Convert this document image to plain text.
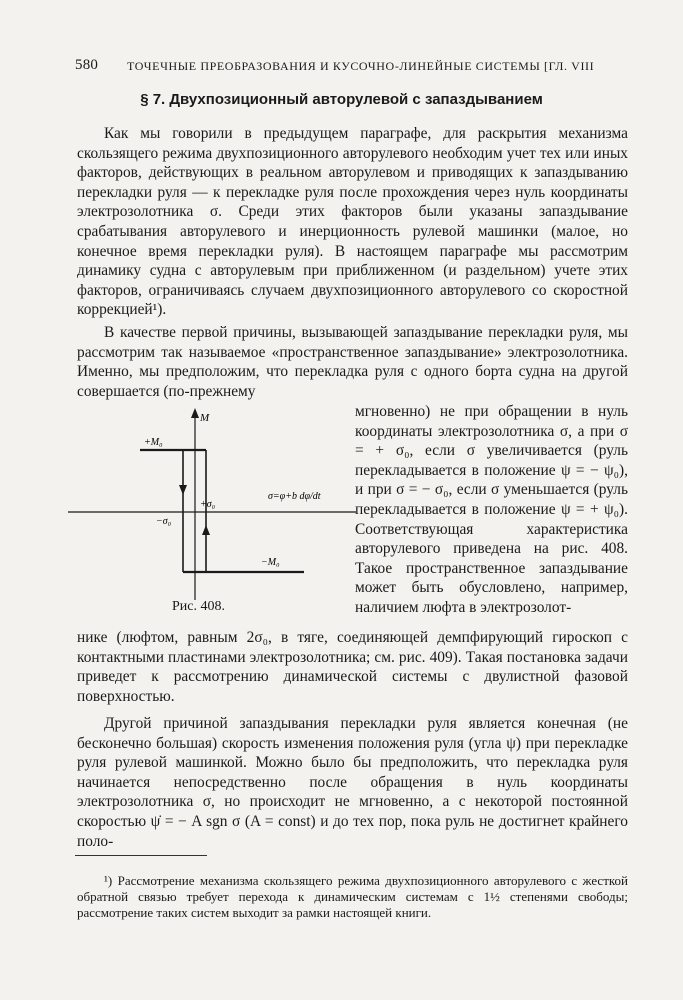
580 ТОЧЕЧНЫЕ ПРЕОБРАЗОВАНИЯ И КУСОЧНО-ЛИНЕЙНЫЕ СИСТЕМЫ [ГЛ. VIII
§ 7. Двухпозиционный авторулевой с запаздыванием
Как мы говорили в предыдущем параграфе, для раскрытия механизма скользящего режима двухпозиционного авторулевого необходим учет тех или иных факторов, действующих в реальном авторулевом и приводящих к запаздыванию перекладки руля — к перекладке руля после прохождения через нуль координаты электрозолотника σ. Среди этих факторов были указаны запаздывание срабатывания авторулевого и инерционность рулевой машинки (малое, но конечное время перекладки руля). В настоящем параграфе мы рассмотрим динамику судна с авторулевым при приближенном (и раздельном) учете этих факторов, ограничиваясь случаем двухпозиционного авторулевого со скоростной коррекцией¹).
В качестве первой причины, вызывающей запаздывание перекладки руля, мы рассмотрим так называемое «пространственное запаздывание» электрозолотника. Именно, мы предположим, что перекладка руля с одного борта судна на другой совершается (по-прежнему
мгновенно) не при обращении в нуль координаты электрозолотника σ, а при σ = + σ₀, если σ увеличивается (руль перекладывается в положение ψ = − ψ₀), и при σ = − σ₀, если σ уменьшается (руль перекладывается в положение ψ = + ψ₀). Соответствующая характеристика авторулевого приведена на рис. 408. Такое пространственное запаздывание может быть обусловлено, например, наличием люфта в электрозолот-
нике (люфтом, равным 2σ₀, в тяге, соединяющей демпфирующий гироскоп с контактными пластинами электрозолотника; см. рис. 409). Такая постановка задачи приведет к рассмотрению динамической системы с двулистной фазовой поверхностью.
Другой причиной запаздывания перекладки руля является конечная (не бесконечно большая) скорость изменения положения руля (угла ψ) при перекладке руля рулевой машинкой. Можно было бы предположить, что перекладка руля начинается непосредственно после обращения в нуль координаты электрозолотника σ, но происходит не мгновенно, а с некоторой постоянной скоростью ψ̇ = − A sgn σ (A = const) и до тех пор, пока руль не достигнет крайнего поло-
M
+M₀
−M₀
+σ₀
−σ₀
σ=φ+b dφ/dt
Рис. 408.
¹) Рассмотрение механизма скользящего режима двухпозиционного авторулевого с жесткой обратной связью требует перехода к динамическим системам с 1½ степенями свободы; рассмотрение таких систем выходит за рамки настоящей книги.
